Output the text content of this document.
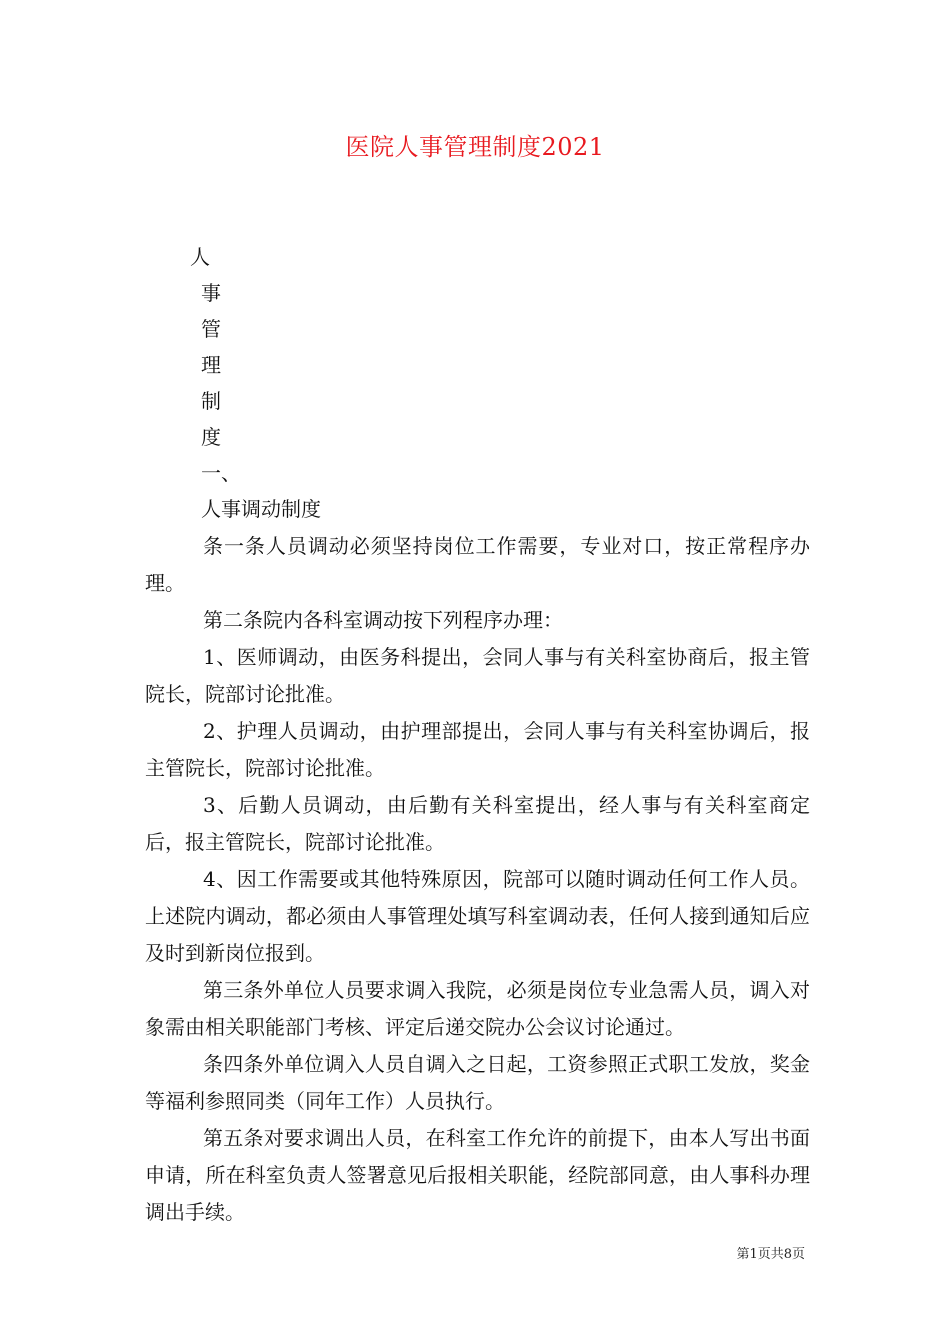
医院人事管理制度2021
人
事
管
理
制
度
一、
人事调动制度

条一条人员调动必须坚持岗位工作需要，专业对口，按正常程序办理。

第二条院内各科室调动按下列程序办理：

1、医师调动，由医务科提出，会同人事与有关科室协商后，报主管院长，院部讨论批准。

2、护理人员调动，由护理部提出，会同人事与有关科室协调后，报主管院长，院部讨论批准。

3、后勤人员调动，由后勤有关科室提出，经人事与有关科室商定后，报主管院长，院部讨论批准。

4、因工作需要或其他特殊原因，院部可以随时调动任何工作人员。上述院内调动，都必须由人事管理处填写科室调动表，任何人接到通知后应及时到新岗位报到。

第三条外单位人员要求调入我院，必须是岗位专业急需人员，调入对象需由相关职能部门考核、评定后递交院办公会议讨论通过。

条四条外单位调入人员自调入之日起，工资参照正式职工发放，奖金等福利参照同类（同年工作）人员执行。

第五条对要求调出人员，在科室工作允许的前提下，由本人写出书面申请，所在科室负责人签署意见后报相关职能，经院部同意，由人事科办理调出手续。

第1页共8页
